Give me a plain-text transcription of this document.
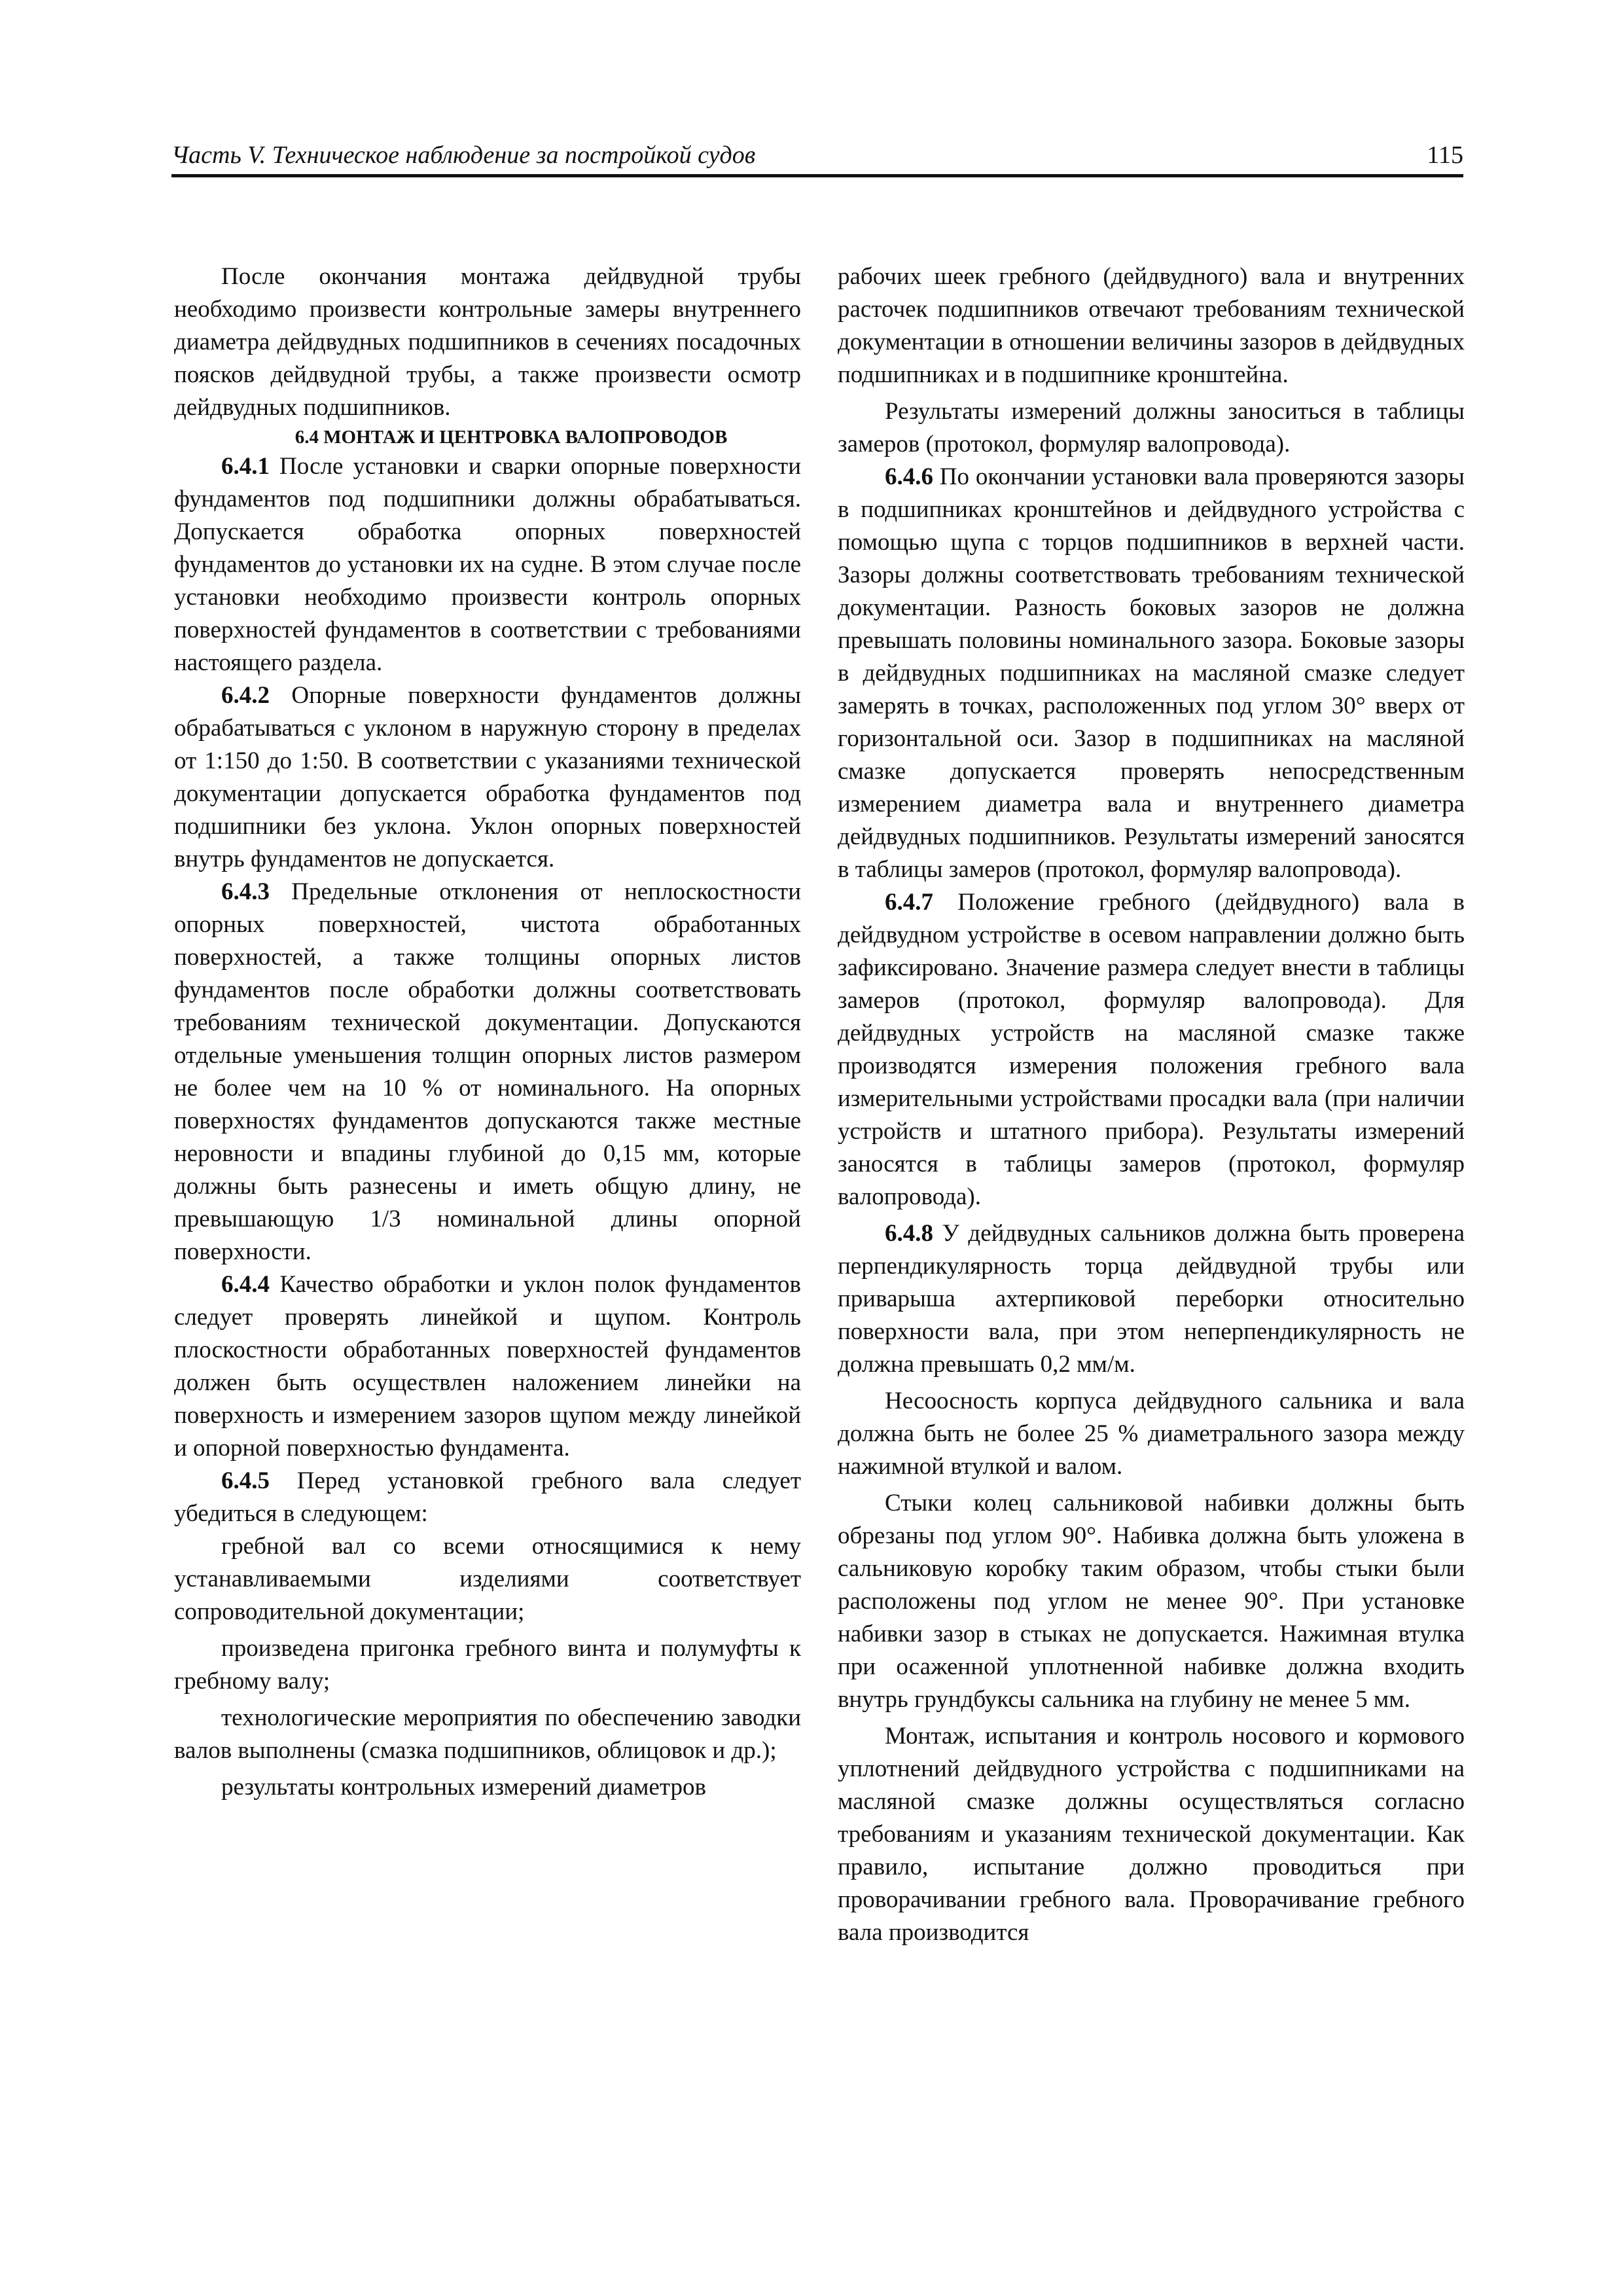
Часть V. Техническое наблюдение за постройкой судов	115

После окончания монтажа дейдвудной трубы необходимо произвести контрольные замеры внутреннего диаметра дейдвудных подшипников в сечениях посадочных поясков дейдвудной трубы, а также произвести осмотр дейдвудных подшипников.

6.4 МОНТАЖ И ЦЕНТРОВКА ВАЛОПРОВОДОВ

6.4.1 После установки и сварки опорные поверхности фундаментов под подшипники должны обрабатываться. Допускается обработка опорных поверхностей фундаментов до установки их на судне. В этом случае после установки необходимо произвести контроль опорных поверхностей фундаментов в соответствии с требованиями настоящего раздела.

6.4.2 Опорные поверхности фундаментов должны обрабатываться с уклоном в наружную сторону в пределах от 1:150 до 1:50. В соответствии с указаниями технической документации допускается обработка фундаментов под подшипники без уклона. Уклон опорных поверхностей внутрь фундаментов не допускается.

6.4.3 Предельные отклонения от неплоскостности опорных поверхностей, чистота обработанных поверхностей, а также толщины опорных листов фундаментов после обработки должны соответствовать требованиям технической документации. Допускаются отдельные уменьшения толщин опорных листов размером не более чем на 10 % от номинального. На опорных поверхностях фундаментов допускаются также местные неровности и впадины глубиной до 0,15 мм, которые должны быть разнесены и иметь общую длину, не превышающую 1/3 номинальной длины опорной поверхности.

6.4.4 Качество обработки и уклон полок фундаментов следует проверять линейкой и щупом. Контроль плоскостности обработанных поверхностей фундаментов должен быть осуществлен наложением линейки на поверхность и измерением зазоров щупом между линейкой и опорной поверхностью фундамента.

6.4.5 Перед установкой гребного вала следует убедиться в следующем:

гребной вал со всеми относящимися к нему устанавливаемыми изделиями соответствует сопроводительной документации;

произведена пригонка гребного винта и полумуфты к гребному валу;

технологические мероприятия по обеспечению заводки валов выполнены (смазка подшипников, облицовок и др.);

результаты контрольных измерений диаметров

рабочих шеек гребного (дейдвудного) вала и внутренних расточек подшипников отвечают требованиям технической документации в отношении величины зазоров в дейдвудных подшипниках и в подшипнике кронштейна.

Результаты измерений должны заноситься в таблицы замеров (протокол, формуляр валопровода).

6.4.6 По окончании установки вала проверяются зазоры в подшипниках кронштейнов и дейдвудного устройства с помощью щупа с торцов подшипников в верхней части. Зазоры должны соответствовать требованиям технической документации. Разность боковых зазоров не должна превышать половины номинального зазора. Боковые зазоры в дейдвудных подшипниках на масляной смазке следует замерять в точках, расположенных под углом 30° вверх от горизонтальной оси. Зазор в подшипниках на масляной смазке допускается проверять непосредственным измерением диаметра вала и внутреннего диаметра дейдвудных подшипников. Результаты измерений заносятся в таблицы замеров (протокол, формуляр валопровода).

6.4.7 Положение гребного (дейдвудного) вала в дейдвудном устройстве в осевом направлении должно быть зафиксировано. Значение размера следует внести в таблицы замеров (протокол, формуляр валопровода). Для дейдвудных устройств на масляной смазке также производятся измерения положения гребного вала измерительными устройствами просадки вала (при наличии устройств и штатного прибора). Результаты измерений заносятся в таблицы замеров (протокол, формуляр валопровода).

6.4.8 У дейдвудных сальников должна быть проверена перпендикулярность торца дейдвудной трубы или приварыша ахтерпиковой переборки относительно поверхности вала, при этом неперпендикулярность не должна превышать 0,2 мм/м.

Несоосность корпуса дейдвудного сальника и вала должна быть не более 25 % диаметрального зазора между нажимной втулкой и валом.

Стыки колец сальниковой набивки должны быть обрезаны под углом 90°. Набивка должна быть уложена в сальниковую коробку таким образом, чтобы стыки были расположены под углом не менее 90°. При установке набивки зазор в стыках не допускается. Нажимная втулка при осаженной уплотненной набивке должна входить внутрь грундбуксы сальника на глубину не менее 5 мм.

Монтаж, испытания и контроль носового и кормового уплотнений дейдвудного устройства с подшипниками на масляной смазке должны осуществляться согласно требованиям и указаниям технической документации. Как правило, испытание должно проводиться при проворачивании гребного вала. Проворачивание гребного вала производится
